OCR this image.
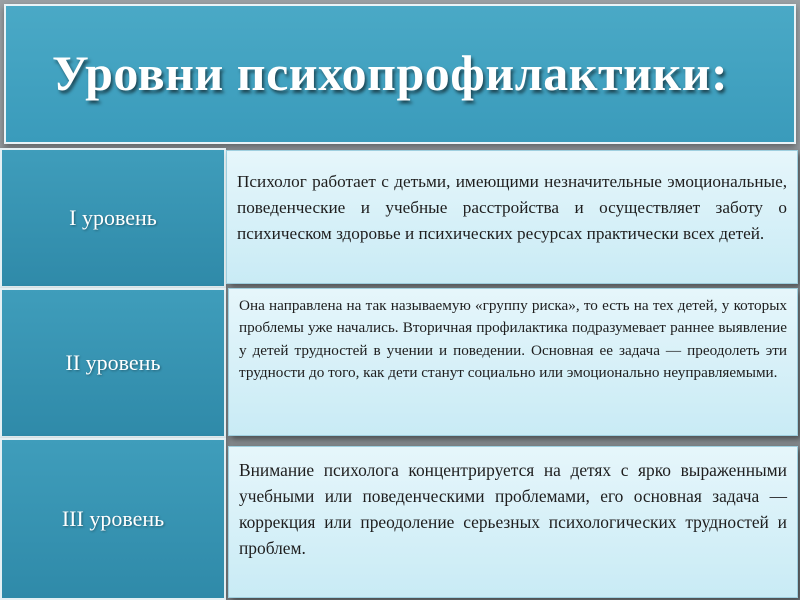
Уровни психопрофилактики:
I уровень

Психолог работает с детьми, имеющими незначительные эмоциональные, поведенческие и учебные расстройства и осуществляет заботу о психическом здоровье и психических ресурсах практически всех детей.

II уровень

Она направлена на так называемую «группу риска», то есть на тех детей, у которых проблемы уже начались. Вторичная профилактика подразумевает раннее выявление у детей трудностей в учении и поведении. Основная ее задача — преодолеть эти трудности до того, как дети станут социально или эмоционально неуправляемыми.

III уровень

Внимание психолога концентрируется на детях с ярко выраженными учебными или поведенческими проблемами, его основная задача — коррекция или преодоление серьезных психологических трудностей и проблем.
